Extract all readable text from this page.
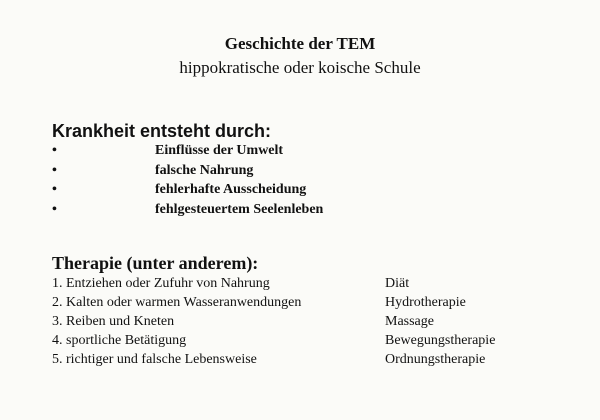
Geschichte der TEM
hippokratische oder koische Schule
Krankheit entsteht durch:
•	Einflüsse der Umwelt
•	falsche Nahrung
•	fehlerhafte Ausscheidung
•	fehlgesteuertem Seelenleben
Therapie (unter anderem):
1. Entziehen oder Zufuhr von Nahrung	Diät
2. Kalten oder warmen Wasseranwendungen	Hydrotherapie
3. Reiben und Kneten	Massage
4. sportliche Betätigung	Bewegungstherapie
5. richtiger und falsche Lebensweise	Ordnungstherapie
